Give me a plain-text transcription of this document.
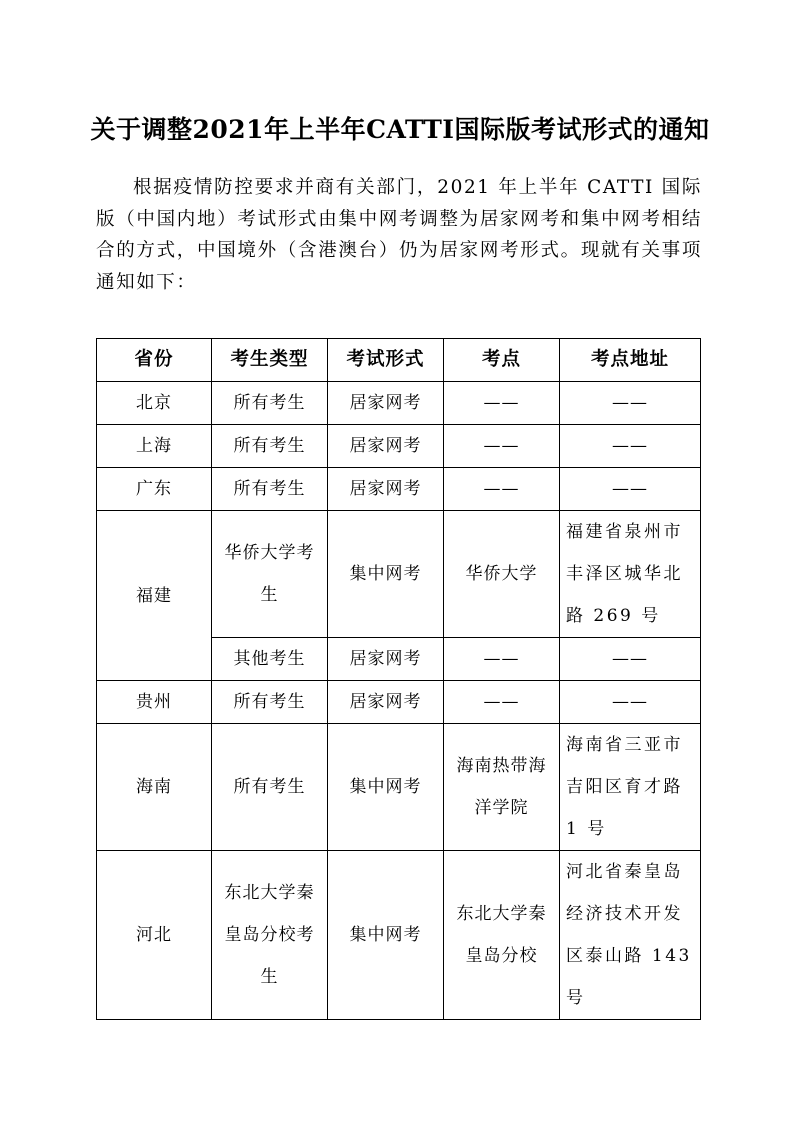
关于调整2021年上半年CATTI国际版考试形式的通知
根据疫情防控要求并商有关部门，2021 年上半年 CATTI 国际版（中国内地）考试形式由集中网考调整为居家网考和集中网考相结合的方式，中国境外（含港澳台）仍为居家网考形式。现就有关事项通知如下：
省份	考生类型	考试形式	考点	考点地址
北京	所有考生	居家网考	——	——
上海	所有考生	居家网考	——	——
广东	所有考生	居家网考	——	——
福建	华侨大学考生	集中网考	华侨大学	福建省泉州市丰泽区城华北路 269 号
	其他考生	居家网考	——	——
贵州	所有考生	居家网考	——	——
海南	所有考生	集中网考	海南热带海洋学院	海南省三亚市吉阳区育才路 1 号
河北	东北大学秦皇岛分校考生	集中网考	东北大学秦皇岛分校	河北省秦皇岛经济技术开发区泰山路 143 号
